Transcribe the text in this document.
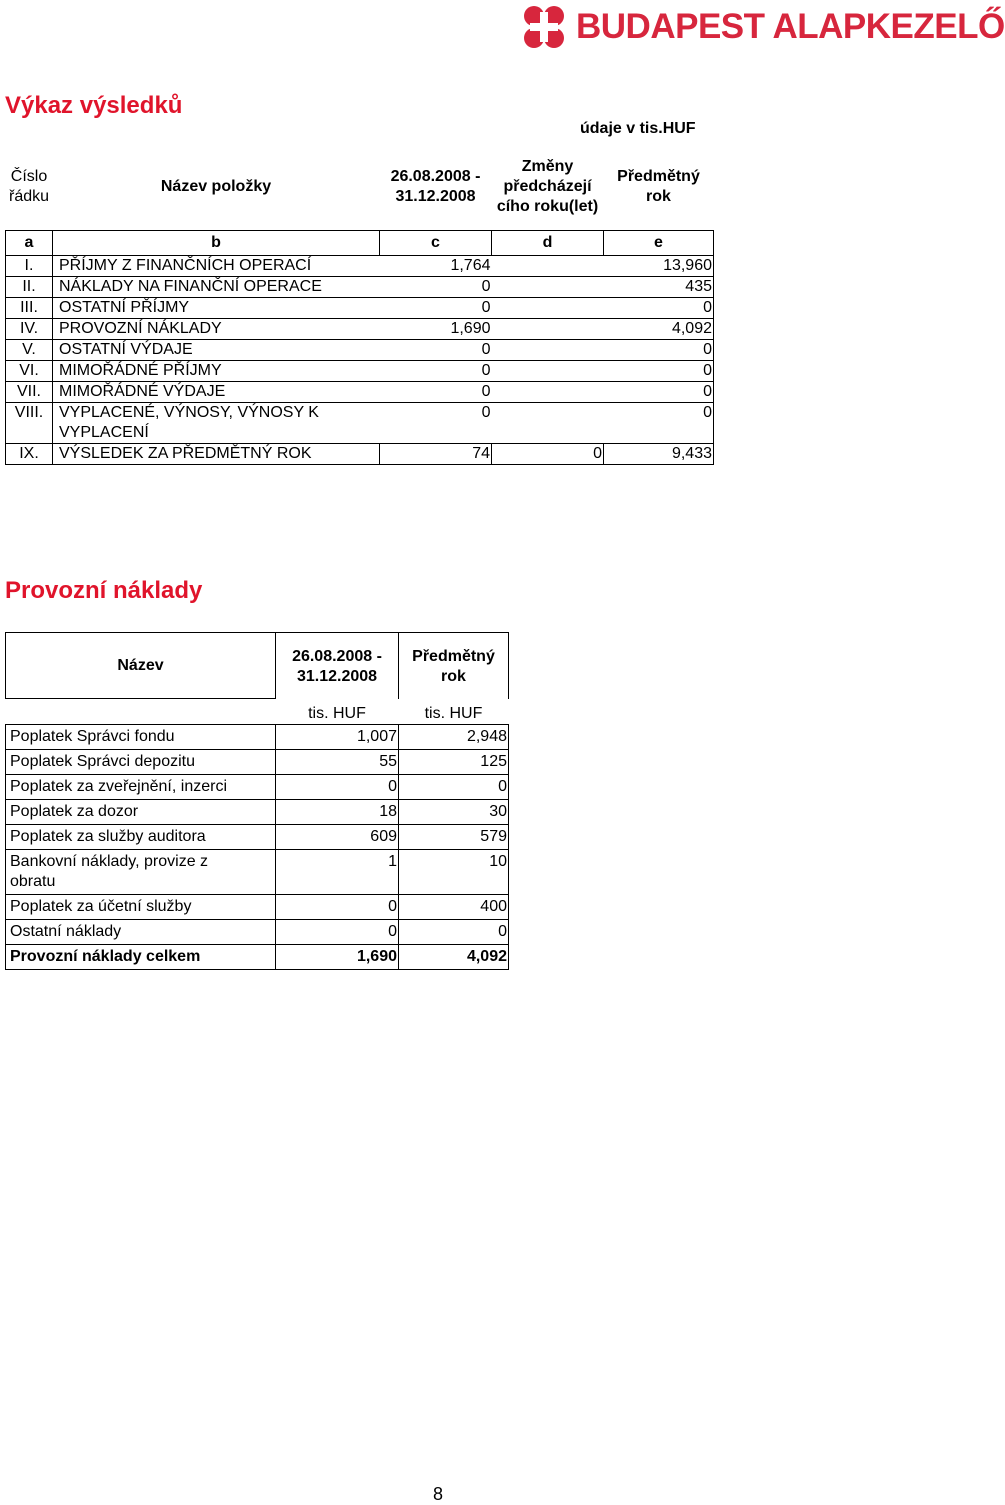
BUDAPEST ALAPKEZELŐ
Výkaz výsledků
údaje v tis.HUF
Číslo řádku	Název položky	26.08.2008 - 31.12.2008	Změny předcházejí cího roku(let)	Předmětný rok
a	b	c	d	e
I.	PŘÍJMY Z FINANČNÍCH OPERACÍ	1,764		13,960
II.	NÁKLADY NA FINANČNÍ OPERACE	0		435
III.	OSTATNÍ PŘÍJMY	0		0
IV.	PROVOZNÍ NÁKLADY	1,690		4,092
V.	OSTATNÍ VÝDAJE	0		0
VI.	MIMOŘÁDNÉ PŘÍJMY	0		0
VII.	MIMOŘÁDNÉ VÝDAJE	0		0
VIII.	VYPLACENÉ, VÝNOSY, VÝNOSY K VYPLACENÍ	0		0
IX.	VÝSLEDEK ZA PŘEDMĚTNÝ ROK	74	0	9,433
Provozní náklady
Název	26.08.2008 - 31.12.2008	Předmětný rok
	tis. HUF	tis. HUF
Poplatek Správci fondu	1,007	2,948
Poplatek Správci depozitu	55	125
Poplatek za zveřejnění, inzerci	0	0
Poplatek za dozor	18	30
Poplatek za služby auditora	609	579
Bankovní náklady, provize z obratu	1	10
Poplatek za účetní služby	0	400
Ostatní náklady	0	0
Provozní náklady celkem	1,690	4,092
8
